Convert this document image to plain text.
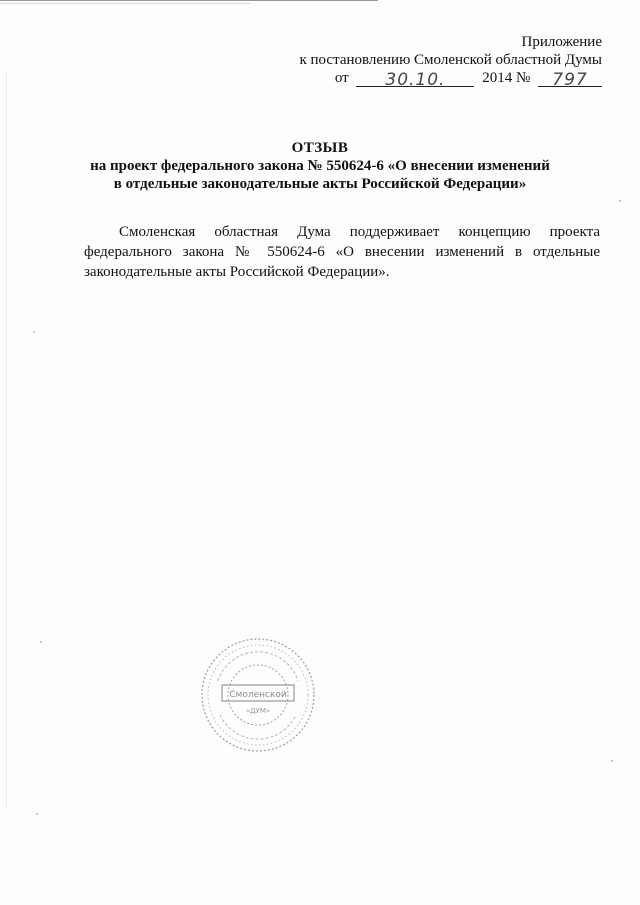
Приложение
к постановлению Смоленской областной Думы
от	30.10.	2014 №	797
ОТЗЫВ
на проект федерального закона № 550624-6 «О внесении изменений
в отдельные законодательные акты Российской Федерации»
Смоленская областная Дума поддерживает концепцию проекта федерального закона № 550624-6 «О внесении изменений в отдельные законодательные акты Российской Федерации».
Смоленской
«ДУМ»
